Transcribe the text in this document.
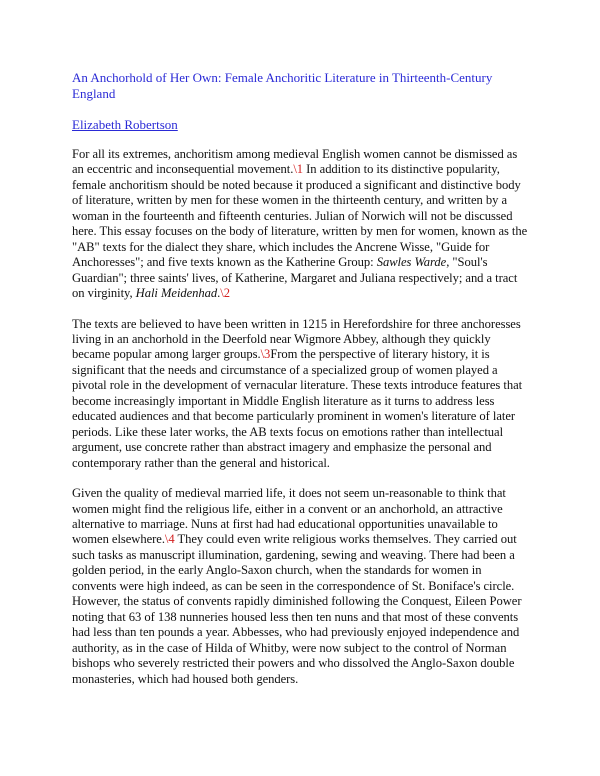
An Anchorhold of Her Own: Female Anchoritic Literature in Thirteenth-Century England
Elizabeth Robertson

For all its extremes, anchoritism among medieval English women cannot be dismissed as an eccentric and inconsequential movement.\1 In addition to its distinctive popularity, female anchoritism should be noted because it produced a significant and distinctive body of literature, written by men for these women in the thirteenth century, and written by a woman in the fourteenth and fifteenth centuries. Julian of Norwich will not be discussed here. This essay focuses on the body of literature, written by men for women, known as the "AB" texts for the dialect they share, which includes the Ancrene Wisse, "Guide for Anchoresses"; and five texts known as the Katherine Group: Sawles Warde, "Soul's Guardian"; three saints' lives, of Katherine, Margaret and Juliana respectively; and a tract on virginity, Hali Meidenhad.\2

The texts are believed to have been written in 1215 in Herefordshire for three anchoresses living in an anchorhold in the Deerfold near Wigmore Abbey, although they quickly became popular among larger groups.\3From the perspective of literary history, it is significant that the needs and circumstance of a specialized group of women played a pivotal role in the development of vernacular literature. These texts introduce features that become increasingly important in Middle English literature as it turns to address less educated audiences and that become particularly prominent in women's literature of later periods. Like these later works, the AB texts focus on emotions rather than intellectual argument, use concrete rather than abstract imagery and emphasize the personal and contemporary rather than the general and historical.

Given the quality of medieval married life, it does not seem un-reasonable to think that women might find the religious life, either in a convent or an anchorhold, an attractive alternative to marriage. Nuns at first had had educational opportunities unavailable to women elsewhere.\4 They could even write religious works themselves. They carried out such tasks as manuscript illumination, gardening, sewing and weaving. There had been a golden period, in the early Anglo-Saxon church, when the standards for women in convents were high indeed, as can be seen in the correspondence of St. Boniface's circle. However, the status of convents rapidly diminished following the Conquest, Eileen Power noting that 63 of 138 nunneries housed less then ten nuns and that most of these convents had less than ten pounds a year. Abbesses, who had previously enjoyed independence and authority, as in the case of Hilda of Whitby, were now subject to the control of Norman bishops who severely restricted their powers and who dissolved the Anglo-Saxon double monasteries, which had housed both genders.
